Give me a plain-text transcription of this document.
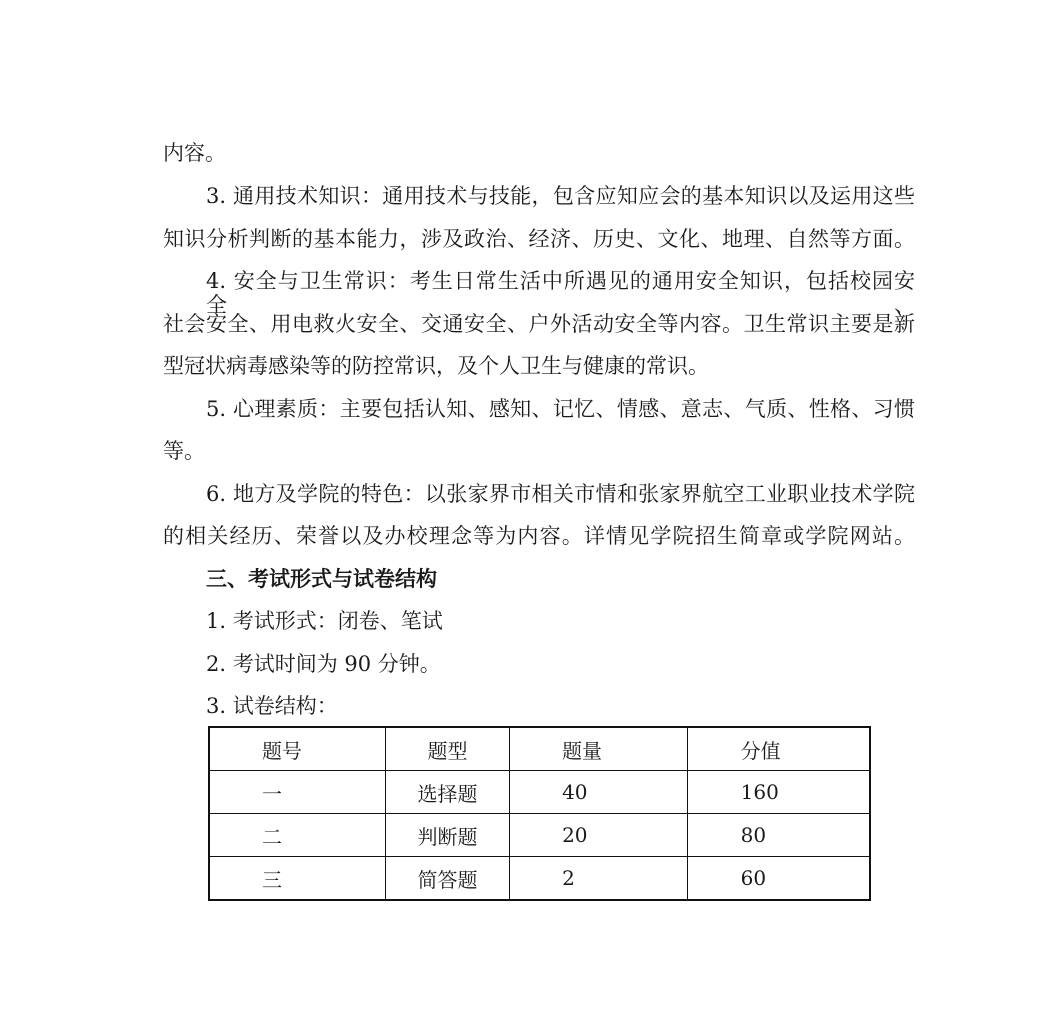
内容。
3. 通用技术知识：通用技术与技能，包含应知应会的基本知识以及运用这些
知识分析判断的基本能力，涉及政治、经济、历史、文化、地理、自然等方面。
4. 安全与卫生常识：考生日常生活中所遇见的通用安全知识，包括校园安全、
社会安全、用电救火安全、交通安全、户外活动安全等内容。卫生常识主要是新
型冠状病毒感染等的防控常识，及个人卫生与健康的常识。
5. 心理素质：主要包括认知、感知、记忆、情感、意志、气质、性格、习惯
等。
6. 地方及学院的特色：以张家界市相关市情和张家界航空工业职业技术学院
的相关经历、荣誉以及办校理念等为内容。详情见学院招生简章或学院网站。
三、考试形式与试卷结构
1. 考试形式：闭卷、笔试
2. 考试时间为 90 分钟。
3. 试卷结构：
题号	题型	题量	分值
一	选择题	40	160
二	判断题	20	80
三	简答题	2	60
